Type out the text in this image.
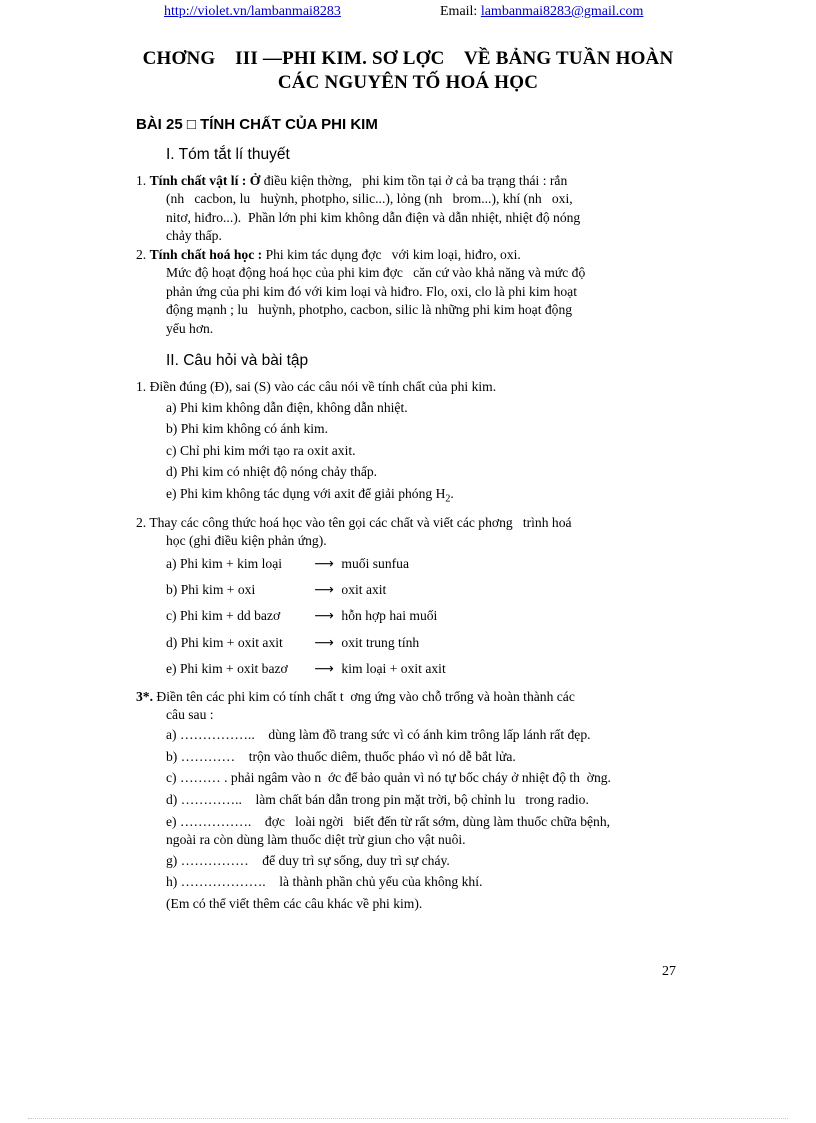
http://violet.vn/lambanmai8283	Email: lambanmai8283@gmail.com
CHƠNG    III —PHI KIM. SƠ LỢC    VỀ BẢNG TUẦN HOÀN
CÁC NGUYÊN TỐ HOÁ HỌC
BÀI 25 □ TÍNH CHẤT CỦA PHI KIM
I. Tóm tắt lí thuyết
1. Tính chất vật lí : Ở điều kiện thờng,   phi kim tồn tại ở cả ba trạng thái : rắn
(nh   cacbon, lu   huỳnh, photpho, silic...), lỏng (nh   brom...), khí (nh   oxi,
nitơ, hiđro...).  Phần lớn phi kim không dẫn điện và dẫn nhiệt, nhiệt độ nóng
chảy thấp.
2. Tính chất hoá học : Phi kim tác dụng đợc   với kim loại, hiđro, oxi.
Mức độ hoạt động hoá học của phi kim đợc   căn cứ vào khả năng và mức độ
phản ứng của phi kim đó với kim loại và hiđro. Flo, oxi, clo là phi kim hoạt
động mạnh ; lu   huỳnh, photpho, cacbon, silic là những phi kim hoạt động
yếu hơn.
II. Câu hỏi và bài tập
1. Điền đúng (Đ), sai (S) vào các câu nói về tính chất của phi kim.
a) Phi kim không dẫn điện, không dẫn nhiệt.
b) Phi kim không có ánh kim.
c) Chỉ phi kim mới tạo ra oxit axit.
d) Phi kim có nhiệt độ nóng chảy thấp.
e) Phi kim không tác dụng với axit để giải phóng $H_2$.
2. Thay các công thức hoá học vào tên gọi các chất và viết các phơng   trình hoá
học (ghi điều kiện phản ứng).
a) Phi kim + kim loại ⟶ muối sunfua
b) Phi kim + oxi	⟶ oxit axit
c) Phi kim + dd bazơ	⟶ hỗn hợp hai muối
d) Phi kim + oxit axit ⟶ oxit trung tính
e) Phi kim + oxit bazơ ⟶ kim loại + oxit axit
3*. Điền tên các phi kim có tính chất t  ơng ứng vào chỗ trống và hoàn thành các
câu sau :
a) ……………..    dùng làm đồ trang sức vì có ánh kim trông lấp lánh rất đẹp.
b) …………    trộn vào thuốc diêm, thuốc pháo vì nó dễ bắt lửa.
c) ……… . phải ngâm vào n  ớc để bảo quản vì nó tự bốc cháy ở nhiệt độ th  ờng.
d) …………..    làm chất bán dẫn trong pin mặt trời, bộ chỉnh lu   trong radio.
e) …………….    đợc   loài ngời   biết đến từ rất sớm, dùng làm thuốc chữa bệnh,
ngoài ra còn dùng làm thuốc diệt trừ giun cho vật nuôi.
g) ……………    để duy trì sự sống, duy trì sự cháy.
h) ……………….    là thành phần chủ yếu của không khí.
(Em có thể viết thêm các câu khác về phi kim).
27
